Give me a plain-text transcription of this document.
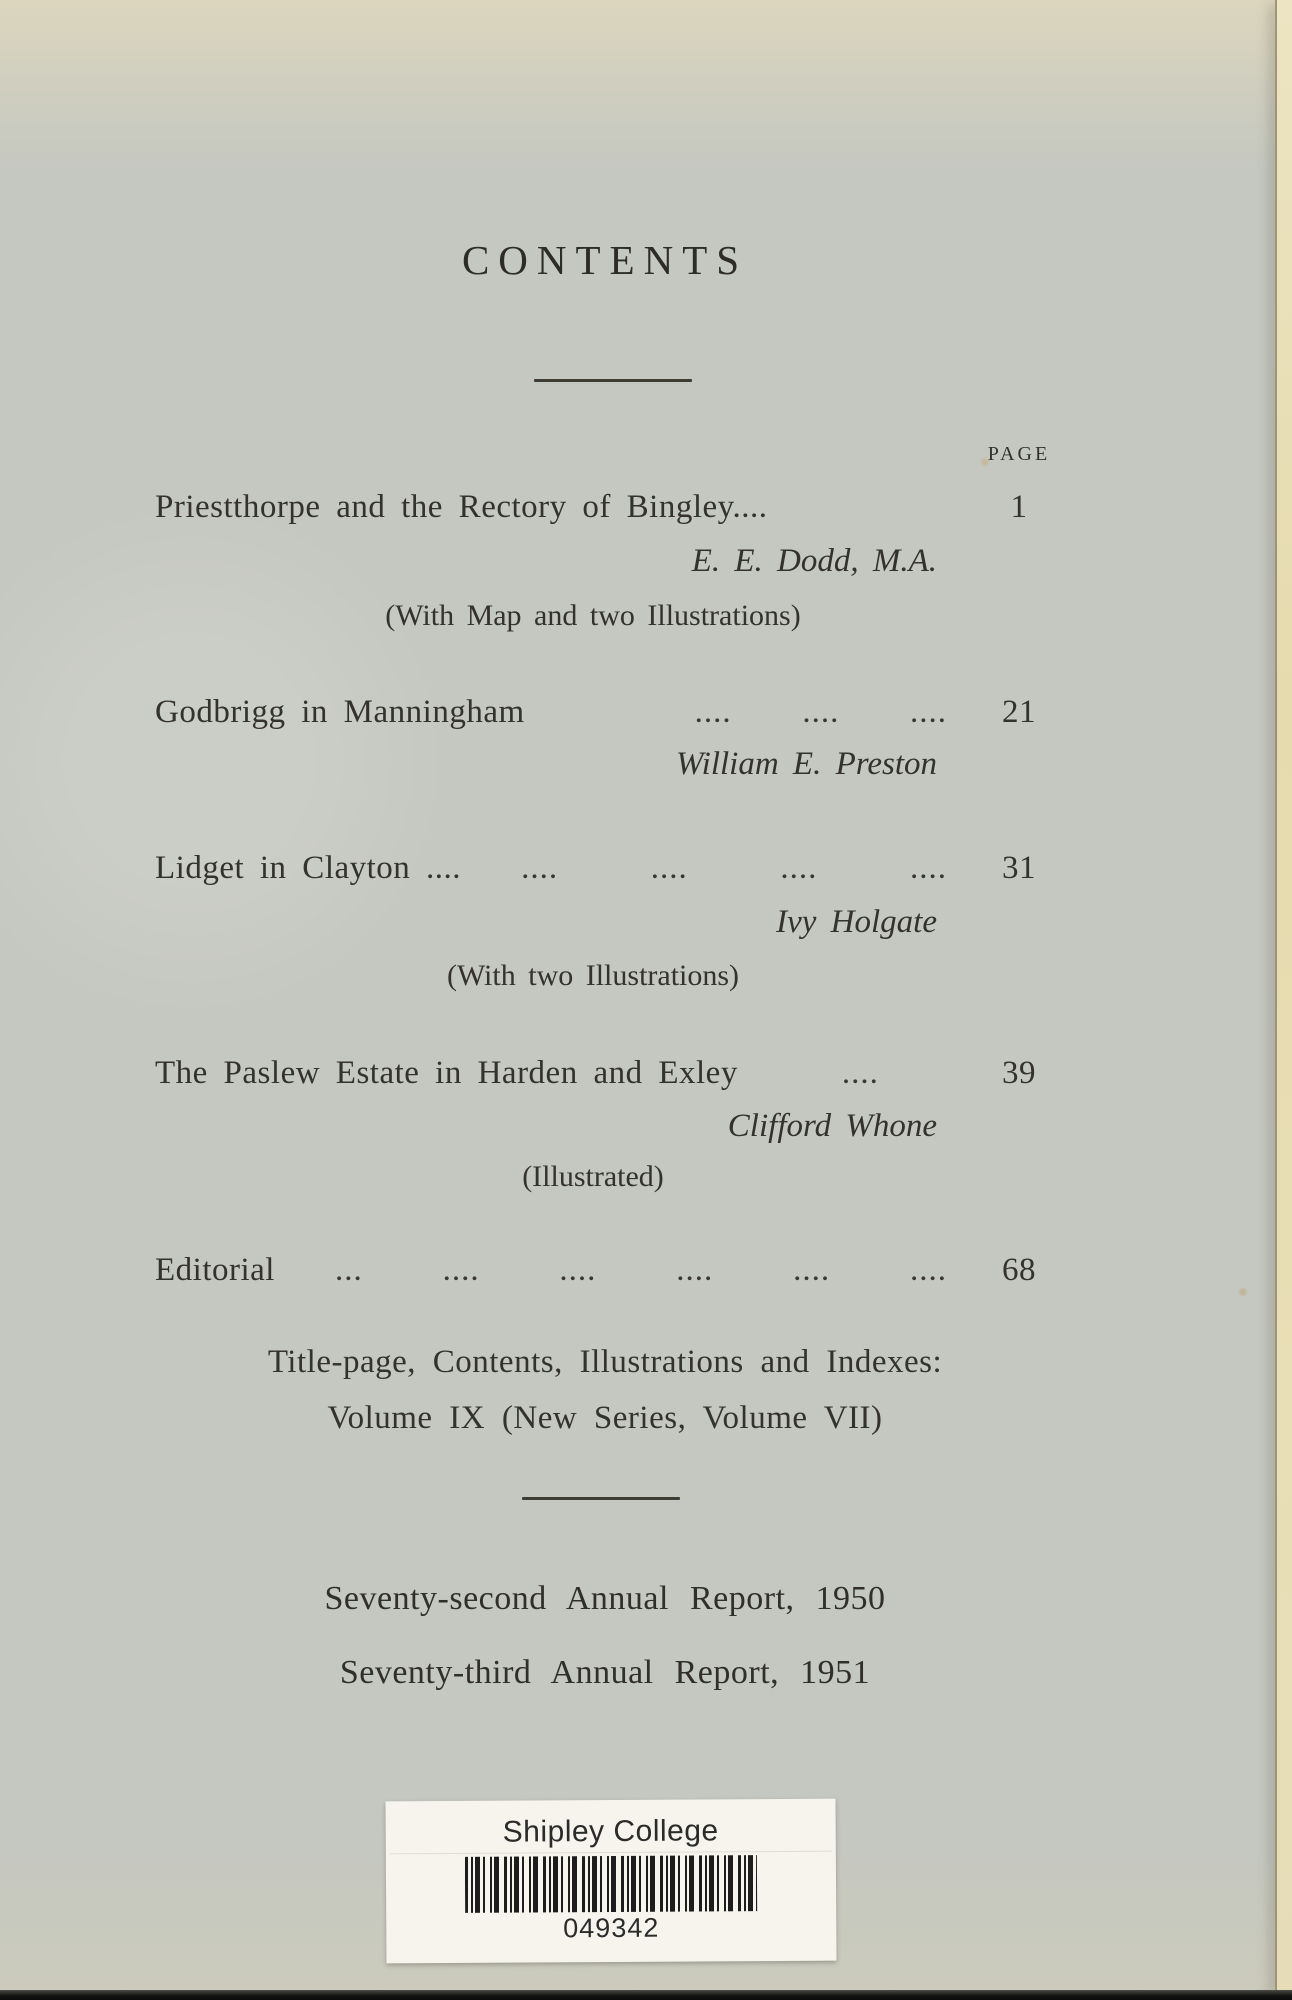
CONTENTS
PAGE
Priestthorpe and the Rectory of Bingley....	1
E. E. Dodd, M.A.
(With Map and two Illustrations)
Godbrigg in Manningham	.... .... ....	21
William E. Preston
Lidget in Clayton ....	.... .... .... ....	31
Ivy Holgate
(With two Illustrations)
The Paslew Estate in Harden and Exley	....	39
Clifford Whone
(Illustrated)
Editorial	... .... .... .... .... ....	68
Title-page, Contents, Illustrations and Indexes:
Volume IX (New Series, Volume VII)
Seventy-second Annual Report, 1950
Seventy-third Annual Report, 1951
Shipley College
049342
